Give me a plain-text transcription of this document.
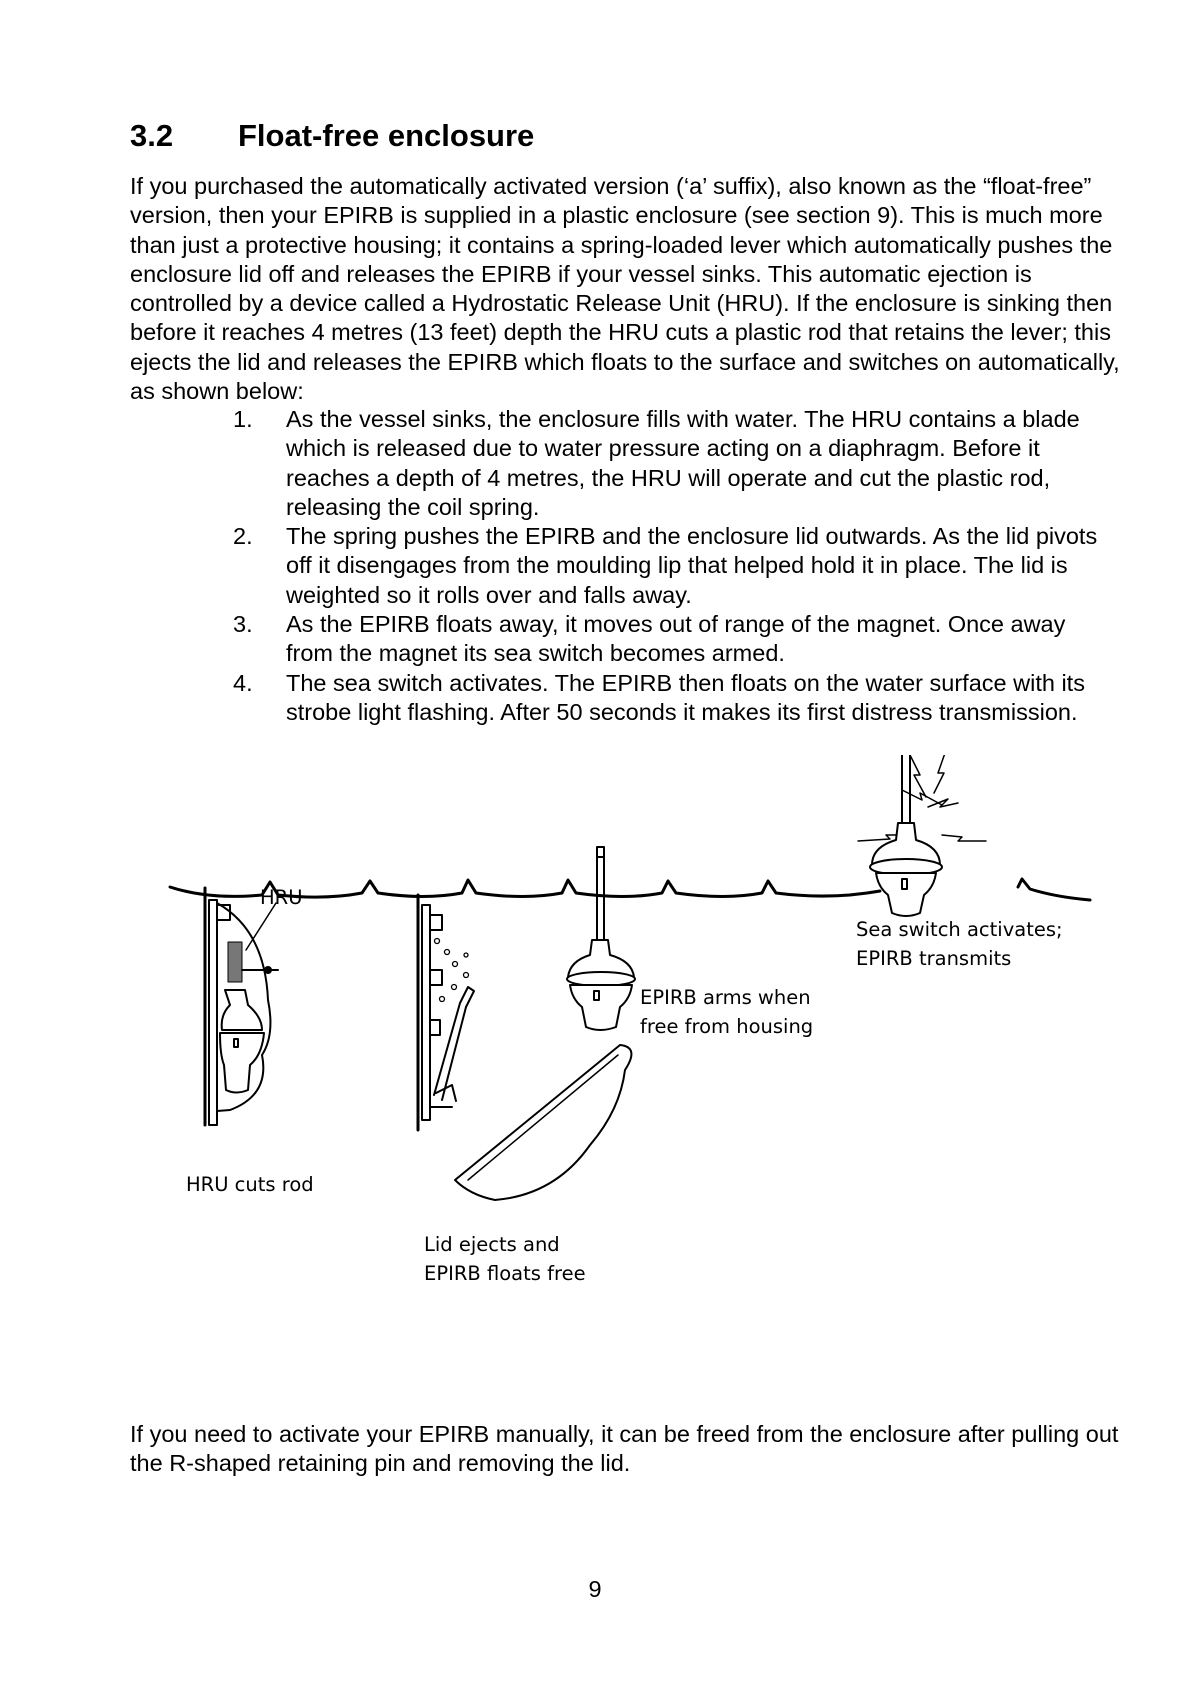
3.2 Float-free enclosure

If you purchased the automatically activated version (‘a’ suffix), also known as the “float-free” version, then your EPIRB is supplied in a plastic enclosure (see section 9). This is much more than just a protective housing; it contains a spring-loaded lever which automatically pushes the enclosure lid off and releases the EPIRB if your vessel sinks. This automatic ejection is controlled by a device called a Hydrostatic Release Unit (HRU). If the enclosure is sinking then before it reaches 4 metres (13 feet) depth the HRU cuts a plastic rod that retains the lever; this ejects the lid and releases the EPIRB which floats to the surface and switches on automatically, as shown below:

1. As the vessel sinks, the enclosure fills with water. The HRU contains a blade which is released due to water pressure acting on a diaphragm. Before it reaches a depth of 4 metres, the HRU will operate and cut the plastic rod, releasing the coil spring.
2. The spring pushes the EPIRB and the enclosure lid outwards. As the lid pivots off it disengages from the moulding lip that helped hold it in place. The lid is weighted so it rolls over and falls away.
3. As the EPIRB floats away, it moves out of range of the magnet. Once away from the magnet its sea switch becomes armed.
4. The sea switch activates. The EPIRB then floats on the water surface with its strobe light flashing. After 50 seconds it makes its first distress transmission.
HRU
HRU cuts rod
Lid ejects and
EPIRB floats free
EPIRB arms when
free from housing
Sea switch activates;
EPIRB transmits

If you need to activate your EPIRB manually, it can be freed from the enclosure after pulling out the R-shaped retaining pin and removing the lid.

9
